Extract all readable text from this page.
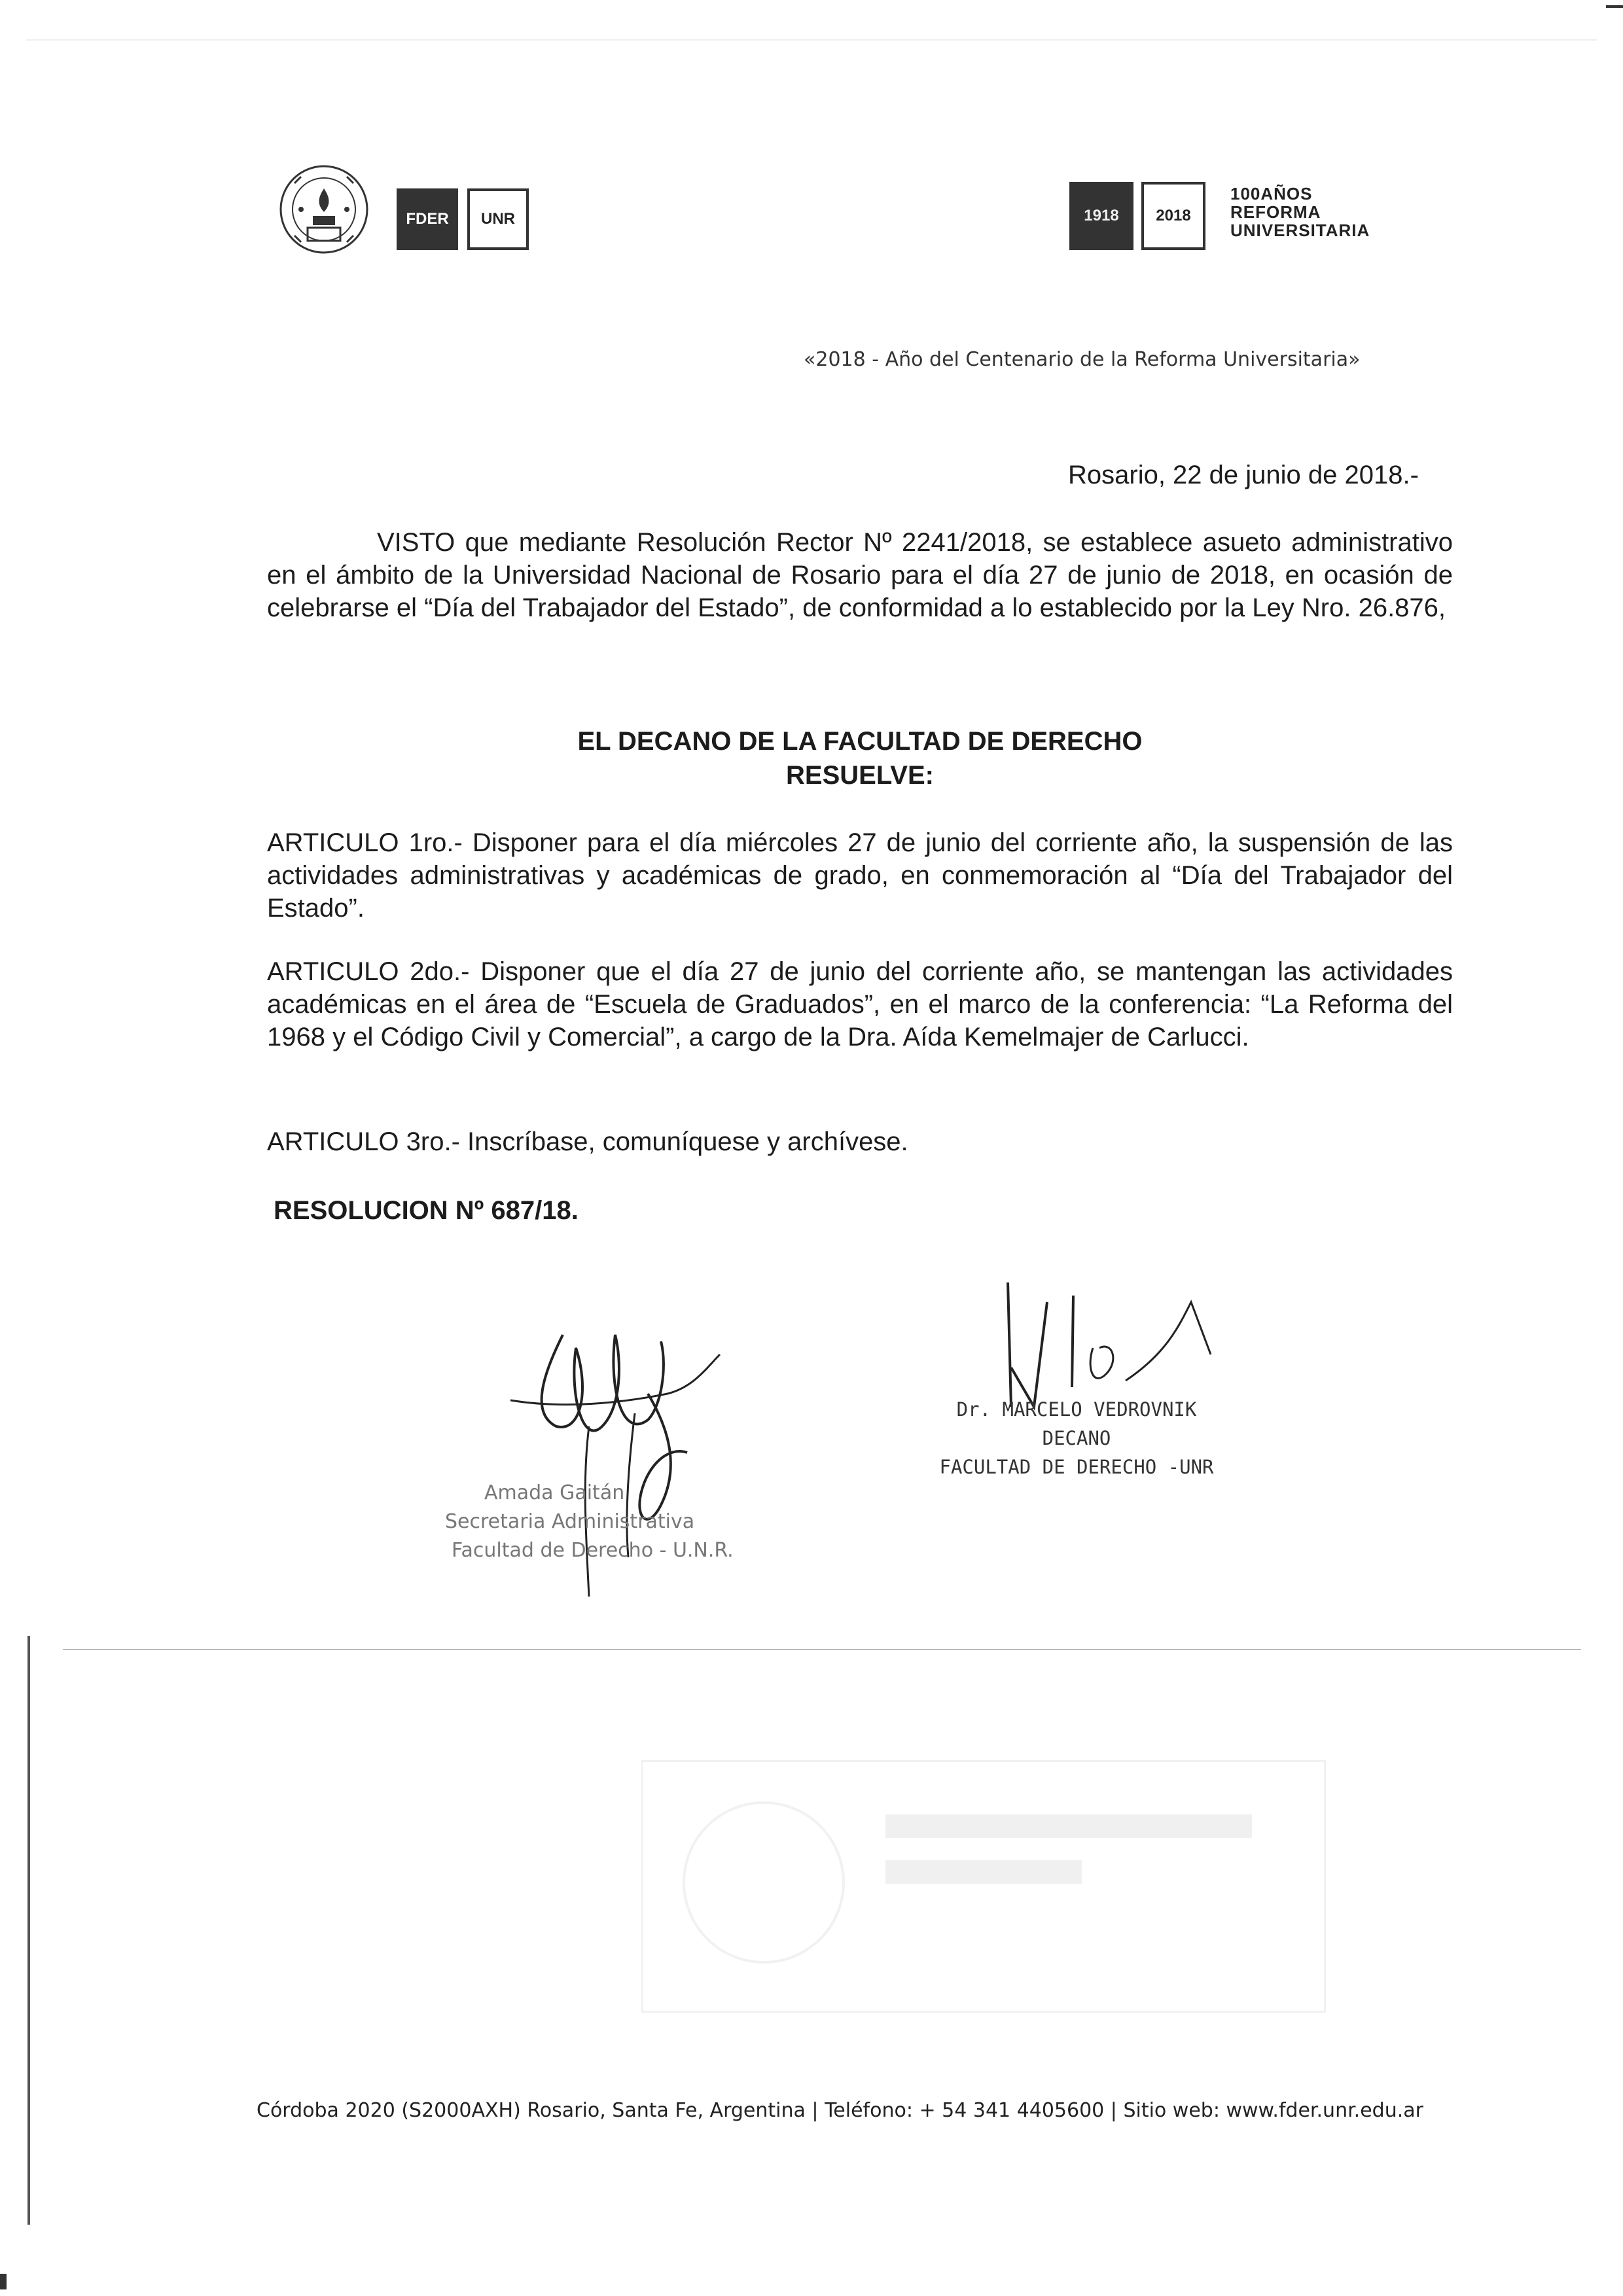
FDER	UNR	1918	2018
100AÑOS
REFORMA
UNIVERSITARIA
«2018 - Año del Centenario de la Reforma Universitaria»
Rosario, 22 de junio de 2018.-

VISTO que mediante Resolución Rector Nº 2241/2018, se establece asueto administrativo en el ámbito de la Universidad Nacional de Rosario para el día 27 de junio de 2018, en ocasión de celebrarse el “Día del Trabajador del Estado”, de conformidad a lo establecido por la Ley Nro. 26.876,

EL DECANO DE LA FACULTAD DE DERECHO
RESUELVE:

ARTICULO 1ro.- Disponer para el día miércoles 27 de junio del corriente año, la suspensión de las actividades administrativas y académicas de grado, en conmemoración al “Día del Trabajador del Estado”.

ARTICULO 2do.- Disponer que el día 27 de junio del corriente año, se mantengan las actividades académicas en el área de “Escuela de Graduados”, en el marco de la conferencia: “La Reforma del 1968 y el Código Civil y Comercial”, a cargo de la Dra. Aída Kemelmajer de Carlucci.

ARTICULO 3ro.- Inscríbase, comuníquese y archívese.

RESOLUCION Nº 687/18.
Amada Gaitán
Secretaria Administrativa
Facultad de Derecho - U.N.R.
Dr. MARCELO VEDROVNIK
DECANO
FACULTAD DE DERECHO -UNR
Córdoba 2020 (S2000AXH) Rosario, Santa Fe, Argentina | Teléfono: + 54 341 4405600 | Sitio web: www.fder.unr.edu.ar
